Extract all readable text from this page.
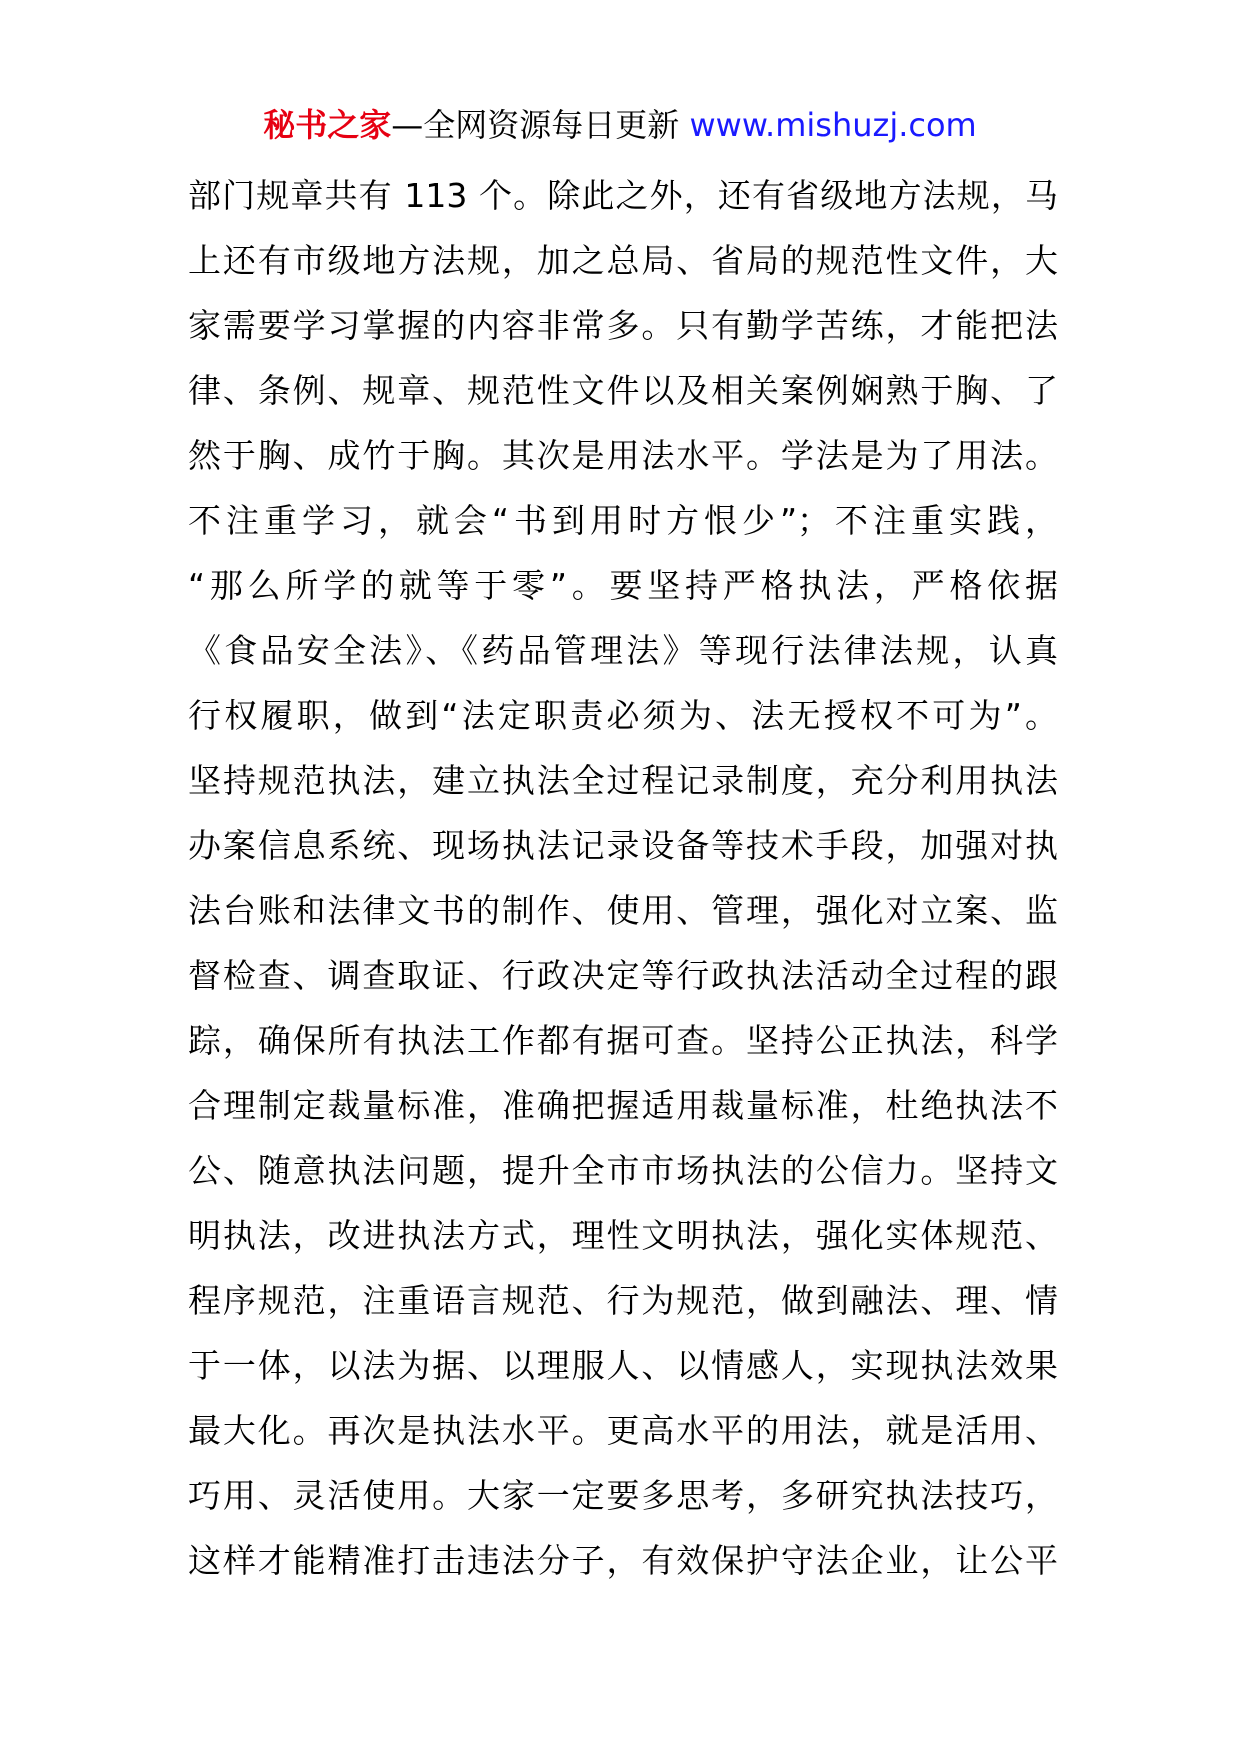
秘书之家—全网资源每日更新 www.mishuzj.com
部门规章共有 113 个。除此之外，还有省级地方法规，马
上还有市级地方法规，加之总局、省局的规范性文件，大
家需要学习掌握的内容非常多。只有勤学苦练，才能把法
律、条例、规章、规范性文件以及相关案例娴熟于胸、了
然于胸、成竹于胸。其次是用法水平。学法是为了用法。
不注重学习，就会“书到用时方恨少”；不注重实践，
“那么所学的就等于零”。要坚持严格执法，严格依据
《食品安全法》、《药品管理法》等现行法律法规，认真
行权履职，做到“法定职责必须为、法无授权不可为”。
坚持规范执法，建立执法全过程记录制度，充分利用执法
办案信息系统、现场执法记录设备等技术手段，加强对执
法台账和法律文书的制作、使用、管理，强化对立案、监
督检查、调查取证、行政决定等行政执法活动全过程的跟
踪，确保所有执法工作都有据可查。坚持公正执法，科学
合理制定裁量标准，准确把握适用裁量标准，杜绝执法不
公、随意执法问题，提升全市市场执法的公信力。坚持文
明执法，改进执法方式，理性文明执法，强化实体规范、
程序规范，注重语言规范、行为规范，做到融法、理、情
于一体，以法为据、以理服人、以情感人，实现执法效果
最大化。再次是执法水平。更高水平的用法，就是活用、
巧用、灵活使用。大家一定要多思考，多研究执法技巧，
这样才能精准打击违法分子，有效保护守法企业，让公平
